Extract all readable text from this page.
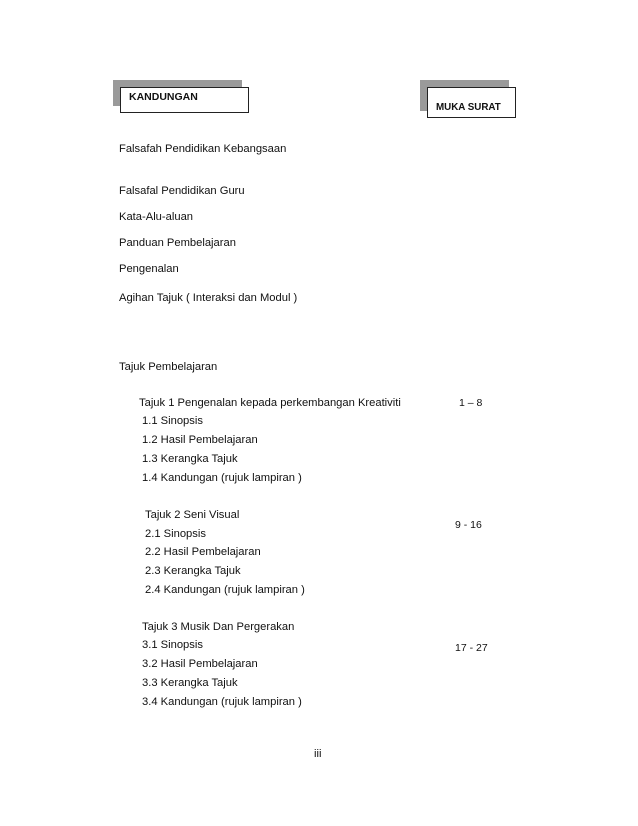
KANDUNGAN
MUKA SURAT
Falsafah Pendidikan Kebangsaan
Falsafal Pendidikan Guru
Kata-Alu-aluan
Panduan Pembelajaran
Pengenalan
Agihan Tajuk ( Interaksi dan Modul )
Tajuk Pembelajaran
Tajuk 1 Pengenalan kepada perkembangan Kreativiti	1 – 8
1.1 Sinopsis
1.2 Hasil Pembelajaran
1.3 Kerangka Tajuk
1.4 Kandungan (rujuk lampiran )
Tajuk 2 Seni Visual
9 - 16
2.1 Sinopsis
2.2 Hasil Pembelajaran
2.3 Kerangka Tajuk
2.4 Kandungan (rujuk lampiran )
Tajuk 3 Musik Dan Pergerakan
17 - 27
3.1 Sinopsis
3.2 Hasil Pembelajaran
3.3 Kerangka Tajuk
3.4 Kandungan (rujuk lampiran )
iii
